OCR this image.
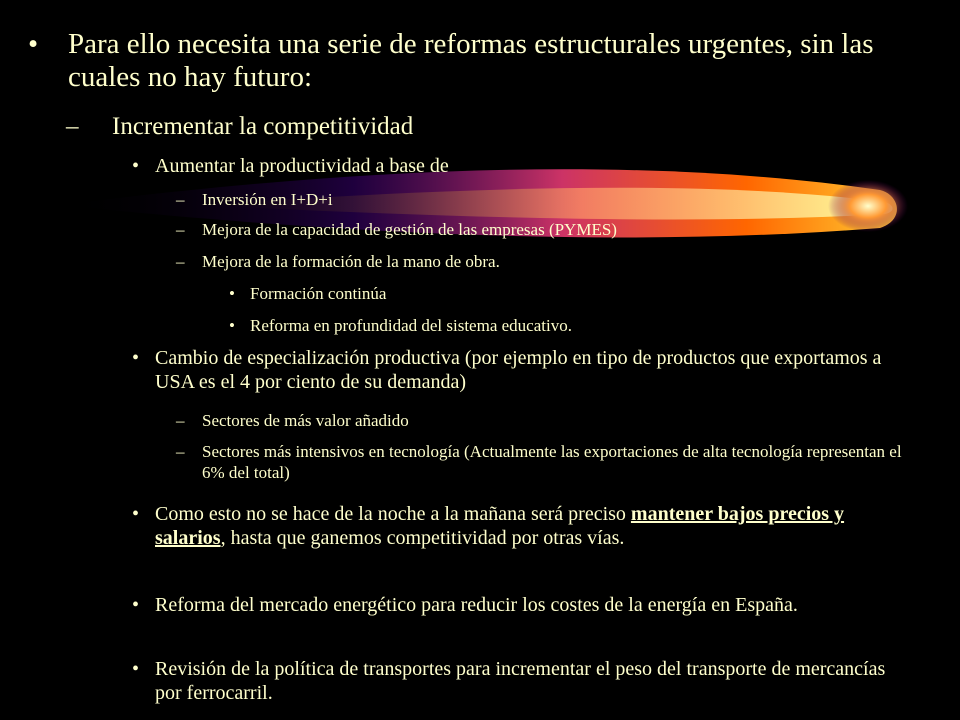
• Para ello necesita una serie de reformas estructurales urgentes, sin las cuales no hay futuro:
– Incrementar la competitividad
• Aumentar la productividad a base de
– Inversión en I+D+i
– Mejora de la capacidad de gestión de las empresas (PYMES)
– Mejora de la formación de la mano de obra.
• Formación continúa
• Reforma en profundidad del sistema educativo.
• Cambio de especialización productiva (por ejemplo en tipo de productos que exportamos a USA es el 4 por ciento de su demanda)
– Sectores de más valor añadido
– Sectores más intensivos en tecnología (Actualmente las exportaciones de alta tecnología representan el 6% del total)
• Como esto no se hace de la noche a la mañana será preciso mantener bajos precios y salarios, hasta que ganemos competitividad por otras vías.
• Reforma del mercado energético para reducir los costes de la energía en España.
• Revisión de la política de transportes para incrementar el peso del transporte de mercancías por ferrocarril.
